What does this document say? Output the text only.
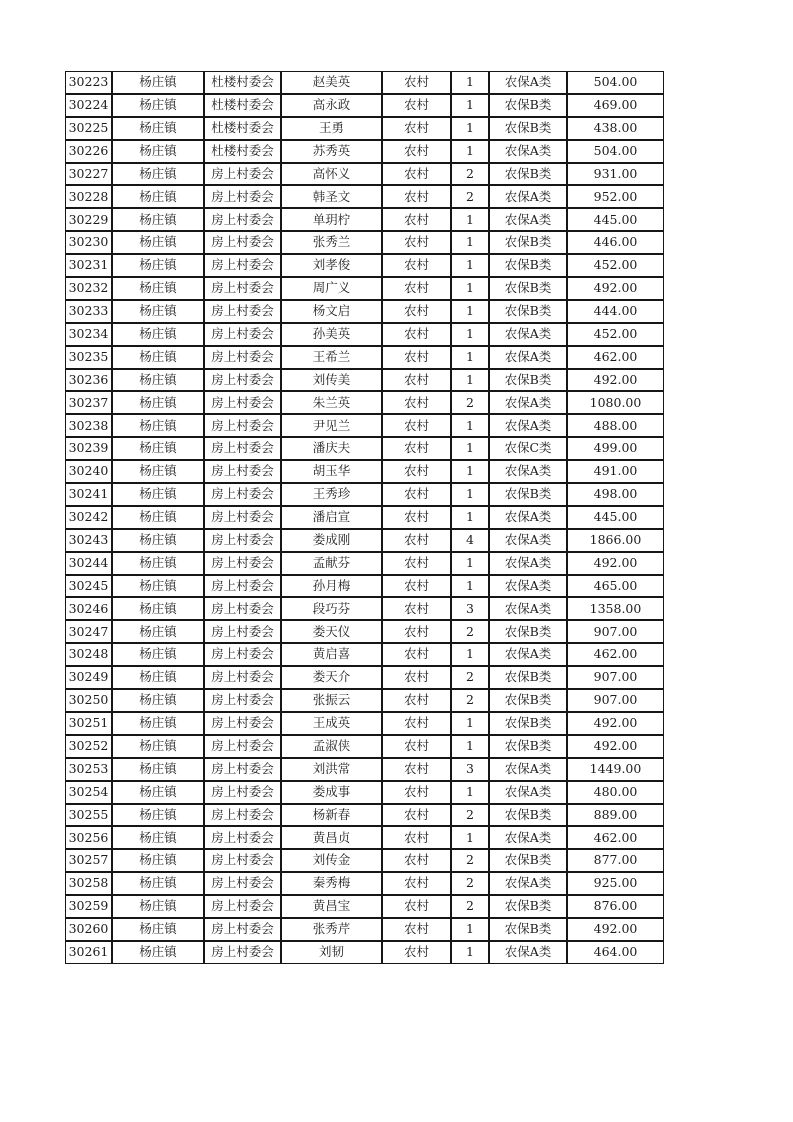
30223	杨庄镇	杜楼村委会	赵美英	农村	1	农保A类	504.00
30224	杨庄镇	杜楼村委会	高永政	农村	1	农保B类	469.00
30225	杨庄镇	杜楼村委会	王勇	农村	1	农保B类	438.00
30226	杨庄镇	杜楼村委会	苏秀英	农村	1	农保A类	504.00
30227	杨庄镇	房上村委会	高怀义	农村	2	农保B类	931.00
30228	杨庄镇	房上村委会	韩圣文	农村	2	农保A类	952.00
30229	杨庄镇	房上村委会	单玥柠	农村	1	农保A类	445.00
30230	杨庄镇	房上村委会	张秀兰	农村	1	农保B类	446.00
30231	杨庄镇	房上村委会	刘孝俊	农村	1	农保B类	452.00
30232	杨庄镇	房上村委会	周广义	农村	1	农保B类	492.00
30233	杨庄镇	房上村委会	杨文启	农村	1	农保B类	444.00
30234	杨庄镇	房上村委会	孙美英	农村	1	农保A类	452.00
30235	杨庄镇	房上村委会	王希兰	农村	1	农保A类	462.00
30236	杨庄镇	房上村委会	刘传美	农村	1	农保B类	492.00
30237	杨庄镇	房上村委会	朱兰英	农村	2	农保A类	1080.00
30238	杨庄镇	房上村委会	尹见兰	农村	1	农保A类	488.00
30239	杨庄镇	房上村委会	潘庆夫	农村	1	农保C类	499.00
30240	杨庄镇	房上村委会	胡玉华	农村	1	农保A类	491.00
30241	杨庄镇	房上村委会	王秀珍	农村	1	农保B类	498.00
30242	杨庄镇	房上村委会	潘启宣	农村	1	农保A类	445.00
30243	杨庄镇	房上村委会	娄成刚	农村	4	农保A类	1866.00
30244	杨庄镇	房上村委会	孟献芬	农村	1	农保A类	492.00
30245	杨庄镇	房上村委会	孙月梅	农村	1	农保A类	465.00
30246	杨庄镇	房上村委会	段巧芬	农村	3	农保A类	1358.00
30247	杨庄镇	房上村委会	娄天仪	农村	2	农保B类	907.00
30248	杨庄镇	房上村委会	黄启喜	农村	1	农保A类	462.00
30249	杨庄镇	房上村委会	娄天介	农村	2	农保B类	907.00
30250	杨庄镇	房上村委会	张振云	农村	2	农保B类	907.00
30251	杨庄镇	房上村委会	王成英	农村	1	农保B类	492.00
30252	杨庄镇	房上村委会	孟淑侠	农村	1	农保B类	492.00
30253	杨庄镇	房上村委会	刘洪常	农村	3	农保A类	1449.00
30254	杨庄镇	房上村委会	娄成事	农村	1	农保A类	480.00
30255	杨庄镇	房上村委会	杨新春	农村	2	农保B类	889.00
30256	杨庄镇	房上村委会	黄昌贞	农村	1	农保A类	462.00
30257	杨庄镇	房上村委会	刘传金	农村	2	农保B类	877.00
30258	杨庄镇	房上村委会	秦秀梅	农村	2	农保A类	925.00
30259	杨庄镇	房上村委会	黄昌宝	农村	2	农保B类	876.00
30260	杨庄镇	房上村委会	张秀芹	农村	1	农保B类	492.00
30261	杨庄镇	房上村委会	刘韧	农村	1	农保A类	464.00
